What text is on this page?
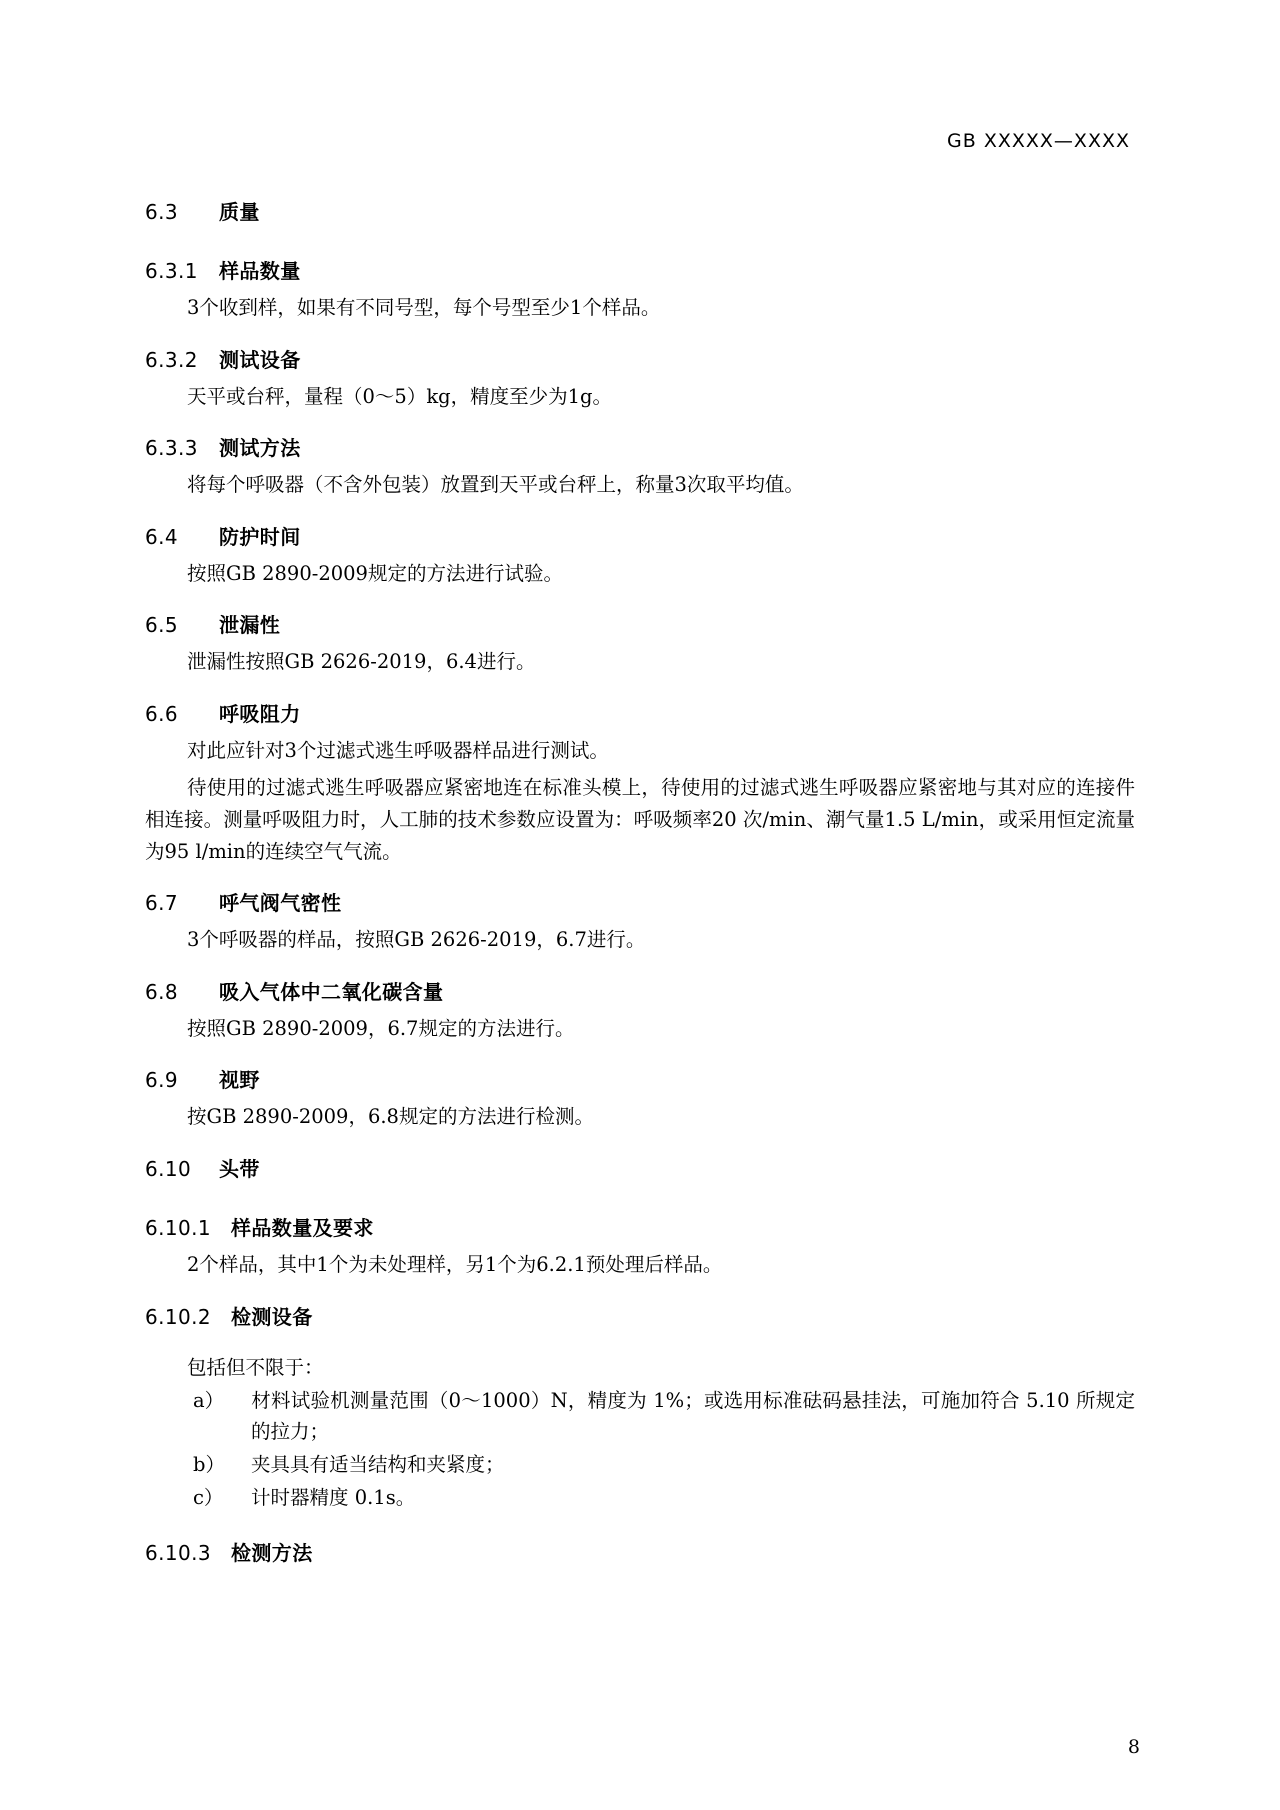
GB XXXXX—XXXX
6.3 质量
6.3.1 样品数量

3个收到样，如果有不同号型，每个号型至少1个样品。

6.3.2 测试设备

天平或台秤，量程（0～5）kg，精度至少为1g。

6.3.3 测试方法

将每个呼吸器（不含外包装）放置到天平或台秤上，称量3次取平均值。

6.4 防护时间

按照GB 2890-2009规定的方法进行试验。

6.5 泄漏性

泄漏性按照GB 2626-2019，6.4进行。

6.6 呼吸阻力

对此应针对3个过滤式逃生呼吸器样品进行测试。

待使用的过滤式逃生呼吸器应紧密地连在标准头模上，待使用的过滤式逃生呼吸器应紧密地与其对应的连接件相连接。测量呼吸阻力时，人工肺的技术参数应设置为：呼吸频率20 次/min、潮气量1.5 L/min，或采用恒定流量为95 l/min的连续空气气流。

6.7 呼气阀气密性

3个呼吸器的样品，按照GB 2626-2019，6.7进行。

6.8 吸入气体中二氧化碳含量

按照GB 2890-2009，6.7规定的方法进行。

6.9 视野

按GB 2890-2009，6.8规定的方法进行检测。

6.10 头带
6.10.1 样品数量及要求

2个样品，其中1个为未处理样，另1个为6.2.1预处理后样品。

6.10.2 检测设备

包括但不限于：

a） 材料试验机测量范围（0～1000）N，精度为 1%；或选用标准砝码悬挂法，可施加符合 5.10 所规定的拉力；
b） 夹具具有适当结构和夹紧度；
c） 计时器精度 0.1s。
6.10.3 检测方法
8
